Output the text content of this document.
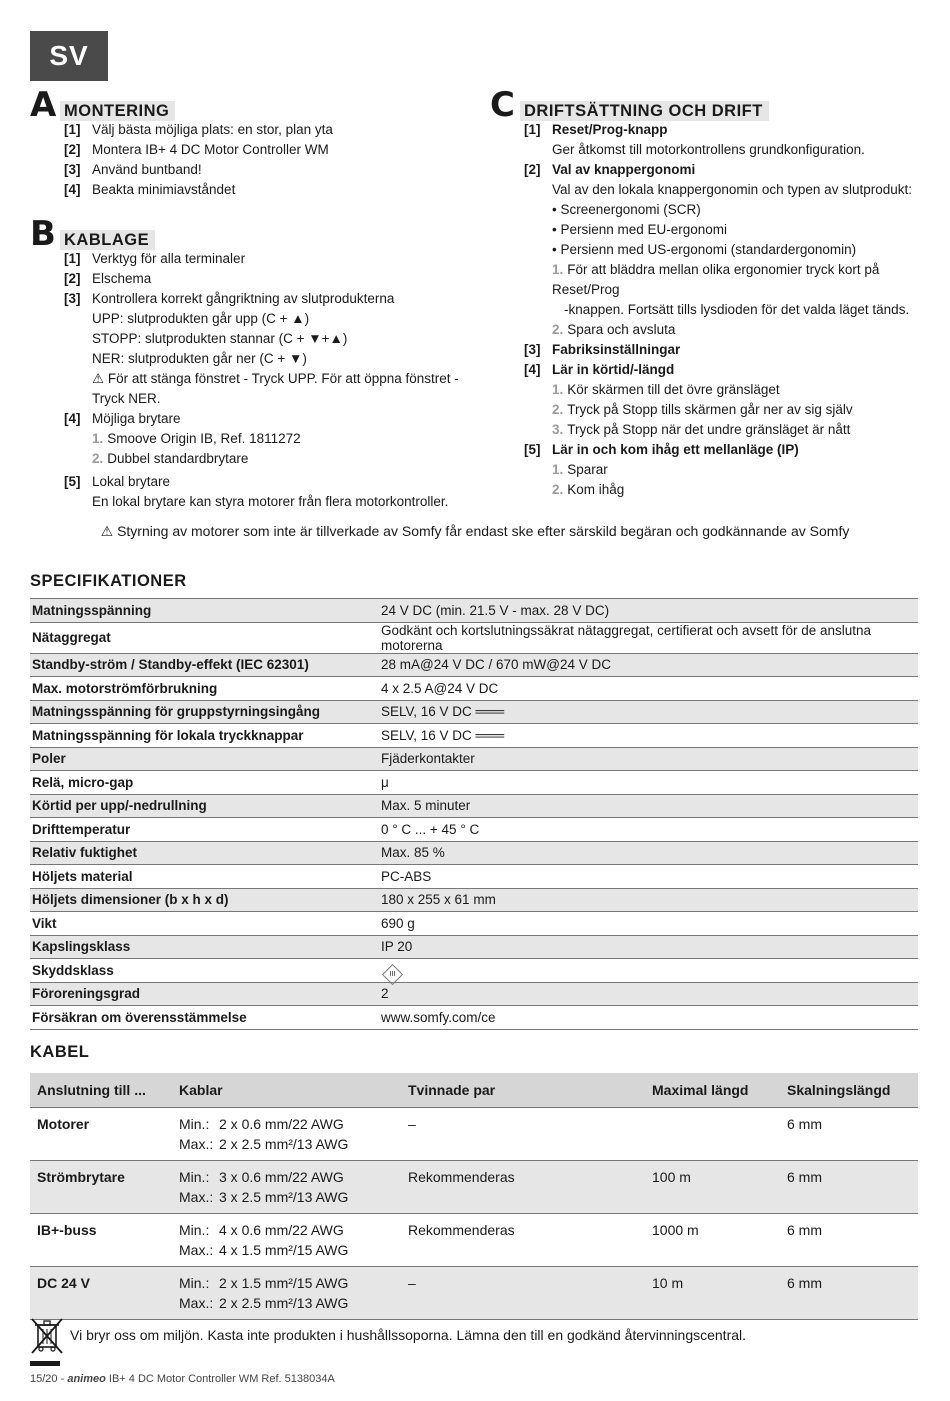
SV
A MONTERING
[1] Välj bästa möjliga plats: en stor, plan yta
[2] Montera IB+ 4 DC Motor Controller WM
[3] Använd buntband!
[4] Beakta minimiavståndet
B KABLAGE
[1] Verktyg för alla terminaler
[2] Elschema
[3] Kontrollera korrekt gångriktning av slutprodukterna
UPP: slutprodukten går upp (C + ▲)
STOPP: slutprodukten stannar (C + ▼+▲)
NER: slutprodukten går ner (C + ▼)
⚠ För att stänga fönstret - Tryck UPP. För att öppna fönstret - Tryck NER.
[4] Möjliga brytare
1. Smoove Origin IB, Ref. 1811272
2. Dubbel standardbrytare
[5] Lokal brytare
En lokal brytare kan styra motorer från flera motorkontroller.
C DRIFTSÄTTNING OCH DRIFT
[1] Reset/Prog-knapp
Ger åtkomst till motorkontrollens grundkonfiguration.
[2] Val av knappergonomi
Val av den lokala knappergonomin och typen av slutprodukt:
• Screenergonomi (SCR)
• Persienn med EU-ergonomi
• Persienn med US-ergonomi (standardergonomin)
1. För att bläddra mellan olika ergonomier tryck kort på Reset/Prog
-knappen. Fortsätt tills lysdioden för det valda läget tänds.
2. Spara och avsluta
[3] Fabriksinställningar
[4] Lär in körtid/-längd
1. Kör skärmen till det övre gränsläget
2. Tryck på Stopp tills skärmen går ner av sig själv
3. Tryck på Stopp när det undre gränsläget är nått
[5] Lär in och kom ihåg ett mellanläge (IP)
1. Sparar
2. Kom ihåg
⚠ Styrning av motorer som inte är tillverkade av Somfy får endast ske efter särskild begäran och godkännande av Somfy
SPECIFIKATIONER
Matningsspänning	24 V DC (min. 21.5 V - max. 28 V DC)
Nätaggregat	Godkänt och kortslutningssäkrat nätaggregat, certifierat och avsett för de anslutna motorerna
Standby-ström / Standby-effekt (IEC 62301)	28 mA@24 V DC / 670 mW@24 V DC
Max. motorströmförbrukning	4 x 2.5 A@24 V DC
Matningsspänning för gruppstyrningsingång	SELV, 16 V DC ═══
Matningsspänning för lokala tryckknappar	SELV, 16 V DC ═══
Poler	Fjäderkontakter
Relä, micro-gap	μ
Körtid per upp/-nedrullning	Max. 5 minuter
Drifttemperatur	0 ° C ... + 45 ° C
Relativ fuktighet	Max. 85 %
Höljets material	PC-ABS
Höljets dimensioner (b x h x d)	180 x 255 x 61 mm
Vikt	690 g
Kapslingsklass	IP 20
Skyddsklass	III

Föroreningsgrad	2
Försäkran om överensstämmelse	www.somfy.com/ce
KABEL
Anslutning till ...	Kablar	Tvinnade par	Maximal längd	Skalningslängd
Motorer	Min.: 2 x 0.6 mm/22 AWG
Max.: 2 x 2.5 mm²/13 AWG	–		6 mm
Strömbrytare	Min.: 3 x 0.6 mm/22 AWG
Max.: 3 x 2.5 mm²/13 AWG	Rekommenderas	100 m	6 mm
IB+-buss	Min.: 4 x 0.6 mm/22 AWG
Max.: 4 x 1.5 mm²/15 AWG	Rekommenderas	1000 m	6 mm
DC 24 V	Min.: 2 x 1.5 mm²/15 AWG
Max.: 2 x 2.5 mm²/13 AWG	–	10 m	6 mm
Vi bryr oss om miljön. Kasta inte produkten i hushållssoporna. Lämna den till en godkänd återvinningscentral.
15/20 - animeo IB+ 4 DC Motor Controller WM Ref. 5138034A
